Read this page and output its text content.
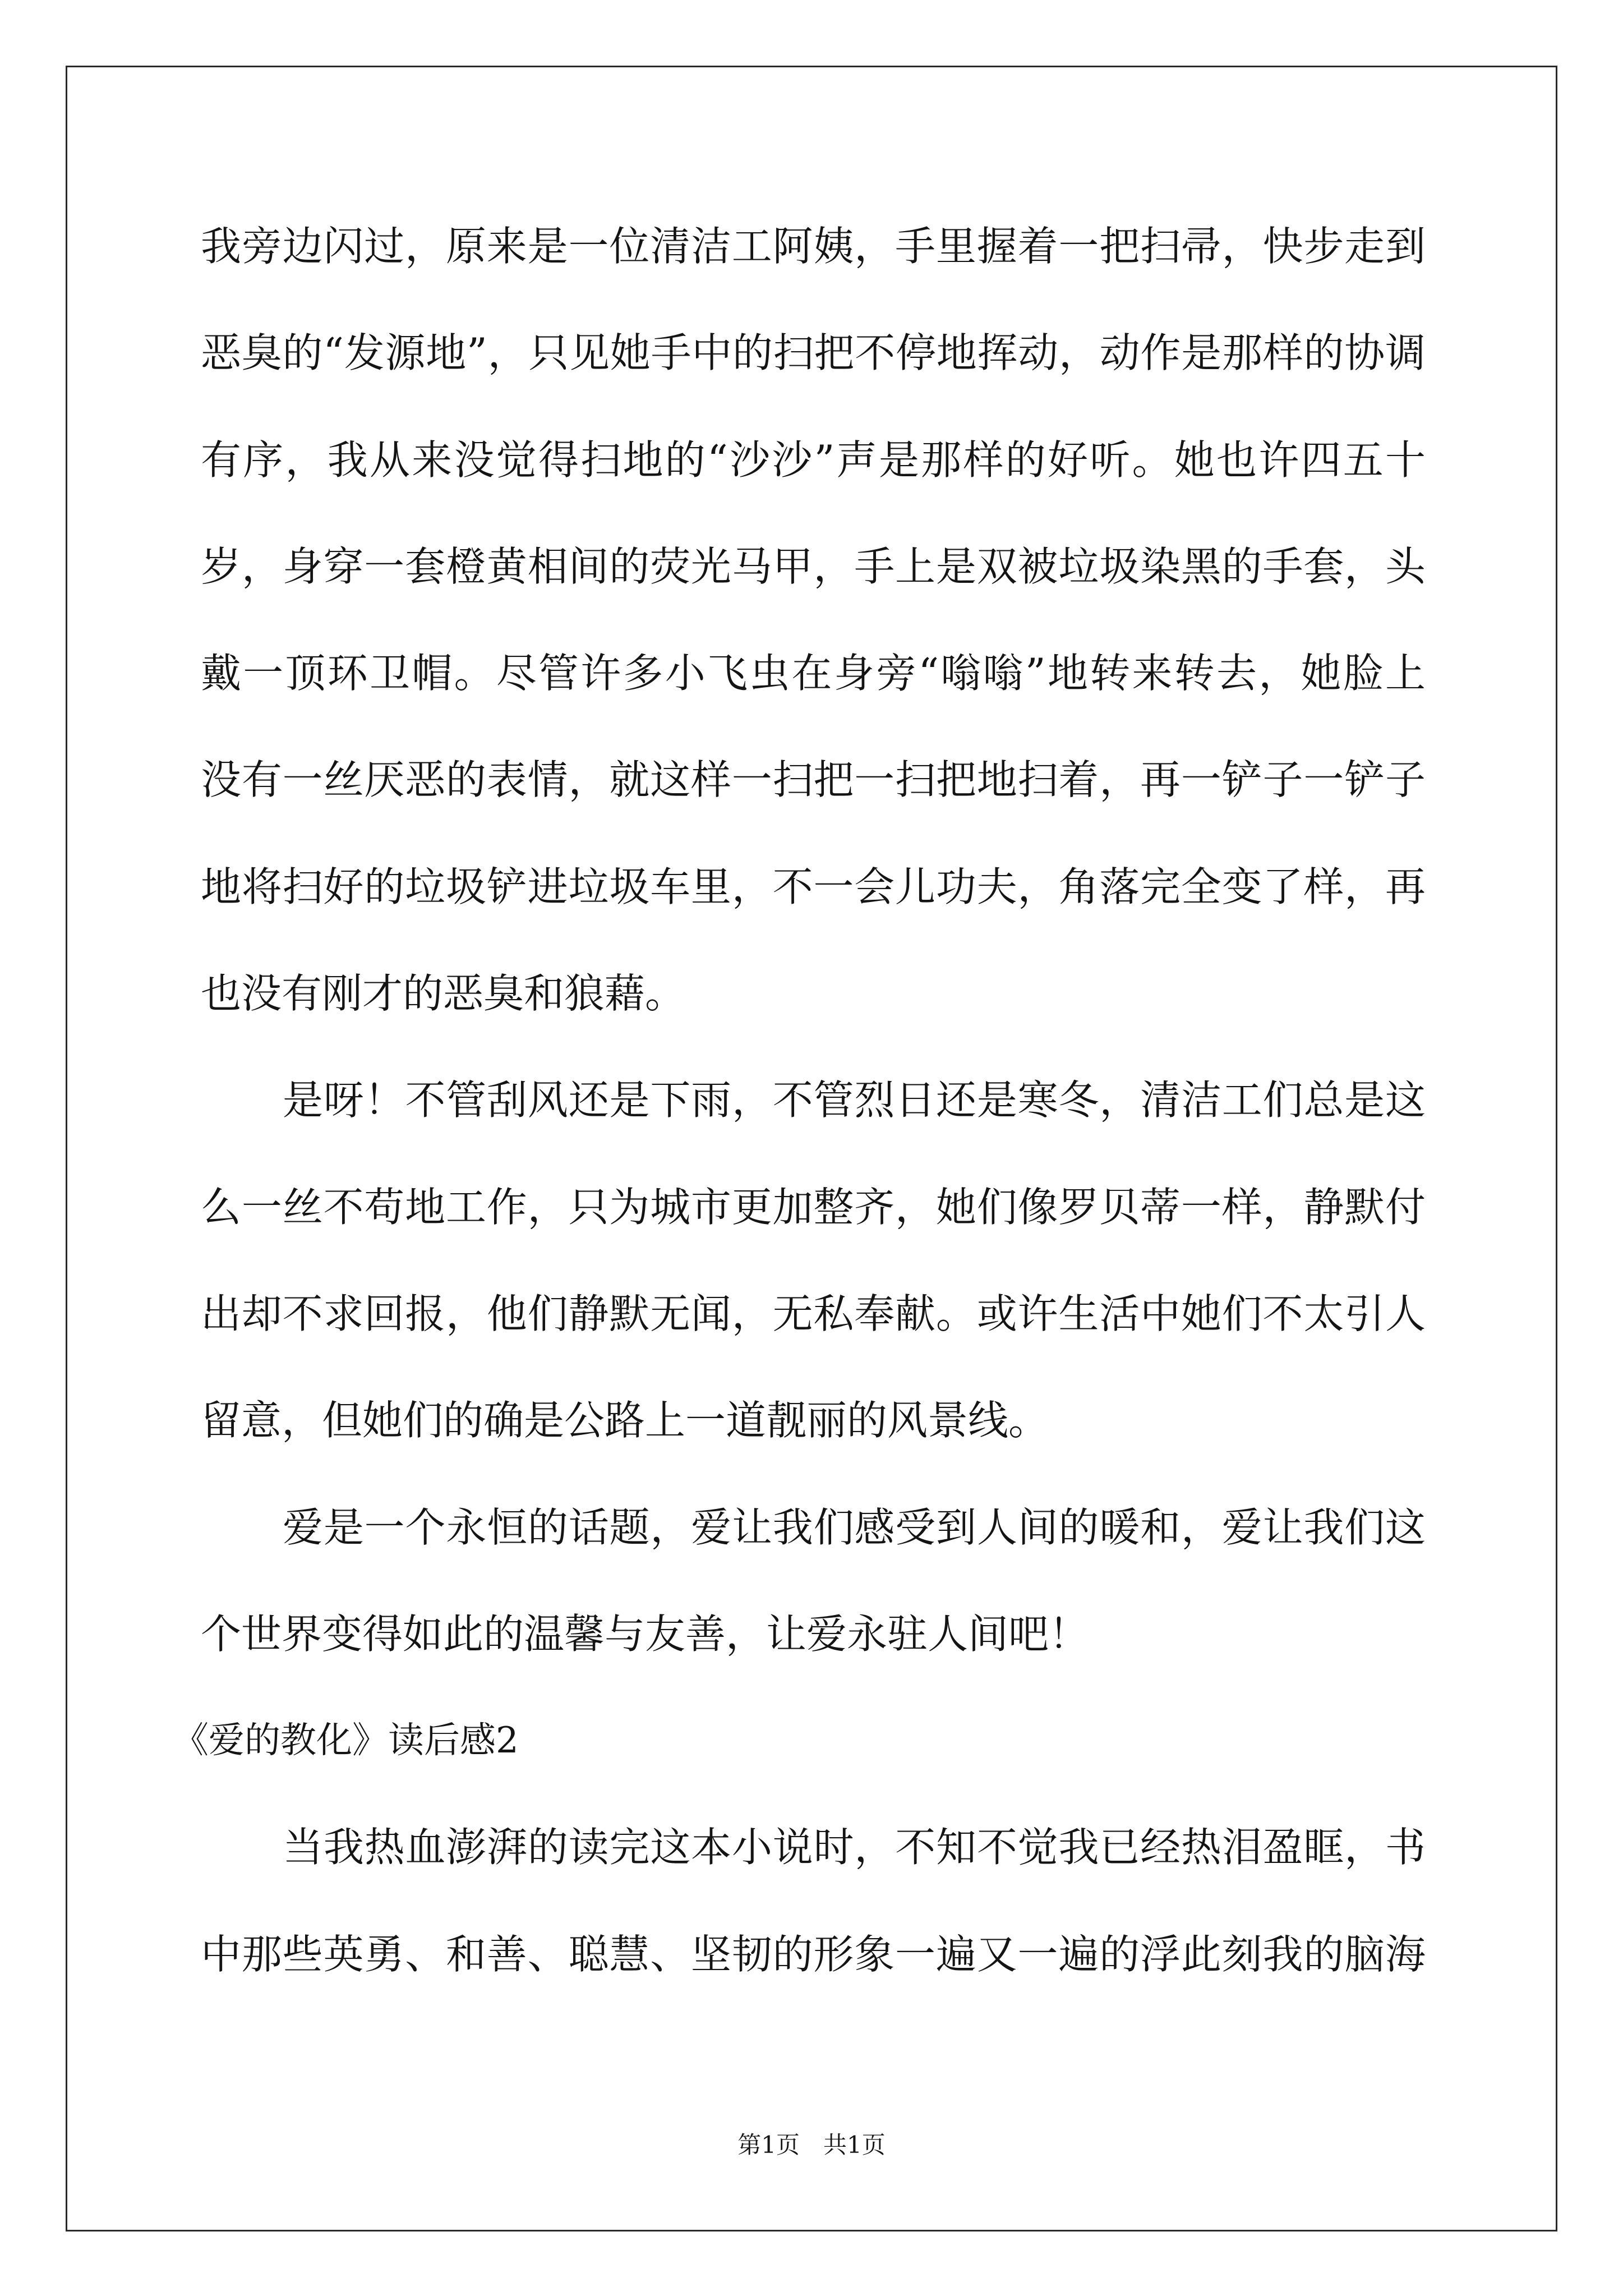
我旁边闪过，原来是一位清洁工阿姨，手里握着一把扫帚，快步走到
恶臭的“发源地”，只见她手中的扫把不停地挥动，动作是那样的协调
有序，我从来没觉得扫地的“沙沙”声是那样的好听。她也许四五十
岁，身穿一套橙黄相间的荧光马甲，手上是双被垃圾染黑的手套，头
戴一顶环卫帽。尽管许多小飞虫在身旁“嗡嗡”地转来转去，她脸上
没有一丝厌恶的表情，就这样一扫把一扫把地扫着，再一铲子一铲子
地将扫好的垃圾铲进垃圾车里，不一会儿功夫，角落完全变了样，再
也没有刚才的恶臭和狼藉。
是呀！不管刮风还是下雨，不管烈日还是寒冬，清洁工们总是这
么一丝不苟地工作，只为城市更加整齐，她们像罗贝蒂一样，静默付
出却不求回报，他们静默无闻，无私奉献。或许生活中她们不太引人
留意，但她们的确是公路上一道靓丽的风景线。
爱是一个永恒的话题，爱让我们感受到人间的暖和，爱让我们这
个世界变得如此的温馨与友善，让爱永驻人间吧！
《爱的教化》读后感2
当我热血澎湃的读完这本小说时，不知不觉我已经热泪盈眶，书
中那些英勇、和善、聪慧、坚韧的形象一遍又一遍的浮此刻我的脑海
第1页　共1页
